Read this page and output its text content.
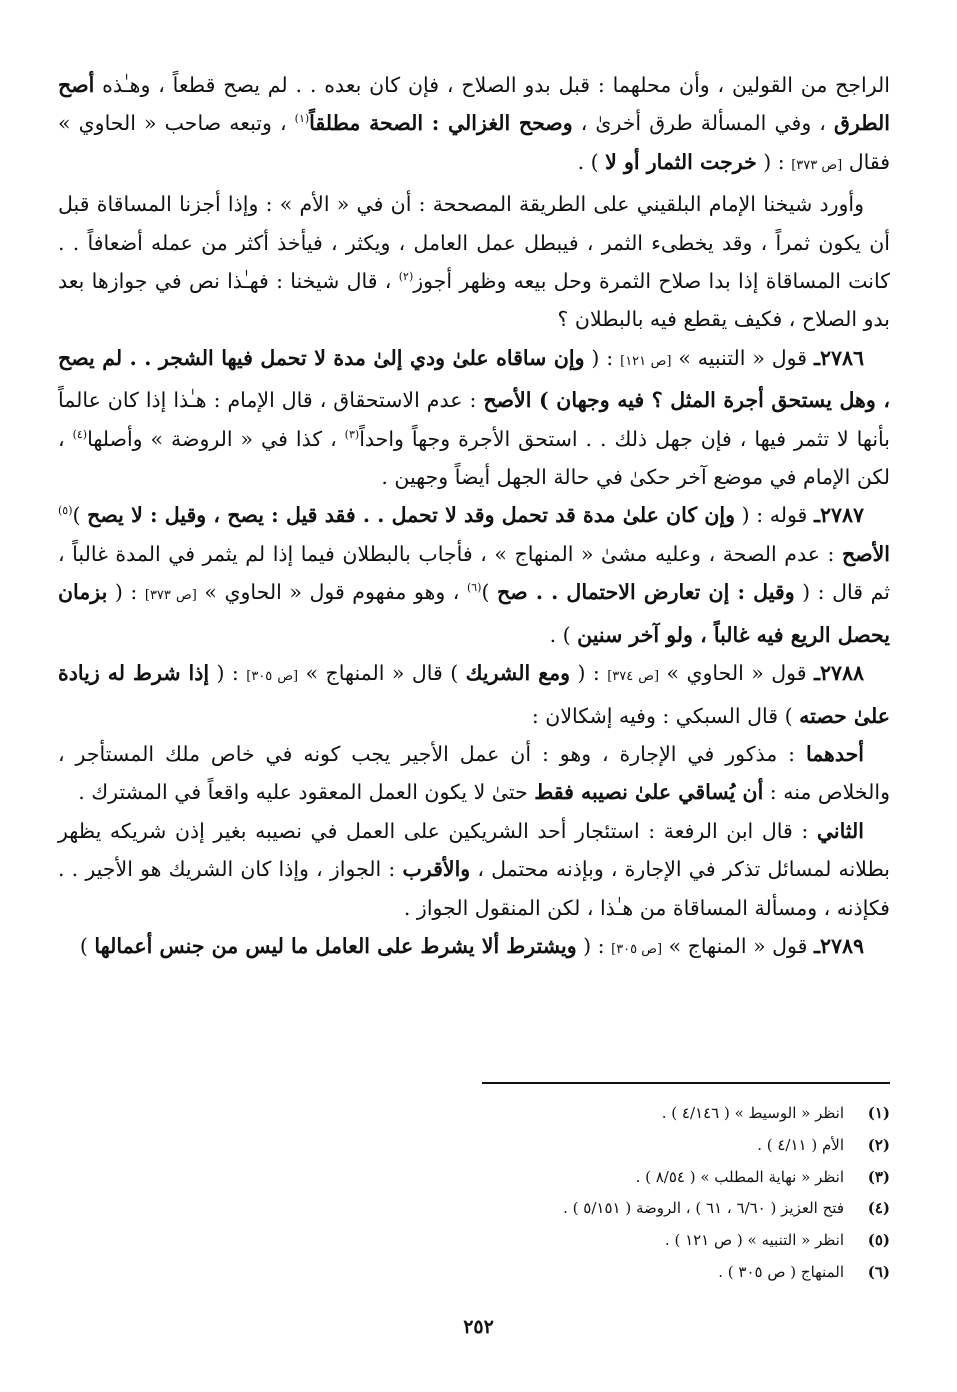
الراجح من القولين ، وأن محلهما : قبل بدو الصلاح ، فإن كان بعده . . لم يصح قطعاً ، وهـٰذه أصح الطرق ، وفي المسألة طرق أخرىٰ ، وصحح الغزالي : الصحة مطلقاً$^{(١)}$ ، وتبعه صاحب « الحاوي » فقال [ص ٣٧٣] : ( خرجت الثمار أو لا ) .
وأورد شيخنا الإمام البلقيني على الطريقة المصححة : أن في « الأم » : وإذا أجزنا المساقاة قبل أن يكون ثمراً ، وقد يخطىء الثمر ، فيبطل عمل العامل ، ويكثر ، فيأخذ أكثر من عمله أضعافاً . . كانت المساقاة إذا بدا صلاح الثمرة وحل بيعه وظهر أجوز$^{(٢)}$ ، قال شيخنا : فهـٰذا نص في جوازها بعد بدو الصلاح ، فكيف يقطع فيه بالبطلان ؟
٢٧٨٦ـ قول « التنبيه » [ص ١٢١] : ( وإن ساقاه علىٰ ودي إلىٰ مدة لا تحمل فيها الشجر . . لم يصح ، وهل يستحق أجرة المثل ؟ فيه وجهان ) الأصح : عدم الاستحقاق ، قال الإمام : هـٰذا إذا كان عالماً بأنها لا تثمر فيها ، فإن جهل ذلك . . استحق الأجرة وجهاً واحداً$^{(٣)}$ ، كذا في « الروضة » وأصلها$^{(٤)}$ ، لكن الإمام في موضع آخر حكىٰ في حالة الجهل أيضاً وجهين .
٢٧٨٧ـ قوله : ( وإن كان علىٰ مدة قد تحمل وقد لا تحمل . . فقد قيل : يصح ، وقيل : لا يصح )$^{(٥)}$ الأصح : عدم الصحة ، وعليه مشىٰ « المنهاج » ، فأجاب بالبطلان فيما إذا لم يثمر في المدة غالباً ، ثم قال : ( وقيل : إن تعارض الاحتمال . . صح )$^{(٦)}$ ، وهو مفهوم قول « الحاوي » [ص ٣٧٣] : ( بزمان يحصل الريع فيه غالباً ، ولو آخر سنين ) .
٢٧٨٨ـ قول « الحاوي » [ص ٣٧٤] : ( ومع الشريك ) قال « المنهاج » [ص ٣٠٥] : ( إذا شرط له زيادة علىٰ حصته ) قال السبكي : وفيه إشكالان :
أحدهما : مذكور في الإجارة ، وهو : أن عمل الأجير يجب كونه في خاص ملك المستأجر ، والخلاص منه : أن يُساقي علىٰ نصيبه فقط حتىٰ لا يكون العمل المعقود عليه واقعاً في المشترك .
الثاني : قال ابن الرفعة : استئجار أحد الشريكين على العمل في نصيبه بغير إذن شريكه يظهر بطلانه لمسائل تذكر في الإجارة ، وبإذنه محتمل ، والأقرب : الجواز ، وإذا كان الشريك هو الأجير . . فكإذنه ، ومسألة المساقاة من هـٰذا ، لكن المنقول الجواز .
٢٧٨٩ـ قول « المنهاج » [ص ٣٠٥] : ( ويشترط ألا يشرط على العامل ما ليس من جنس أعمالها )
(١)
انظر « الوسيط » ( ٤/١٤٦ ) .
(٢)
الأم ( ٤/١١ ) .
(٣)
انظر « نهاية المطلب » ( ٨/٥٤ ) .
(٤)
فتح العزيز ( ٦/٦٠ ، ٦١ ) ، الروضة ( ٥/١٥١ ) .
(٥)
انظر « التنبيه » ( ص ١٢١ ) .
(٦)
المنهاج ( ص ٣٠٥ ) .
٢٥٢
